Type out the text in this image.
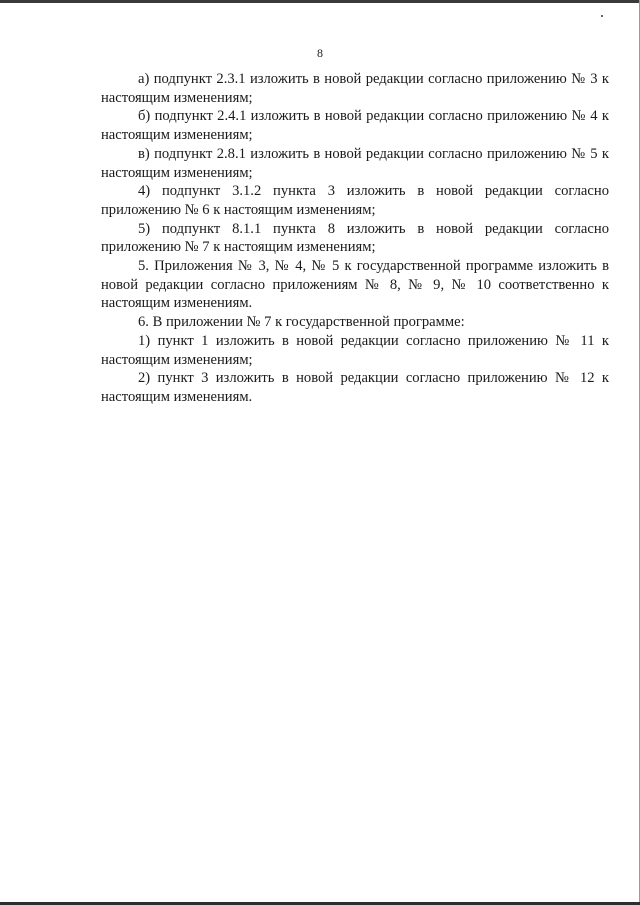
8

а) подпункт 2.3.1 изложить в новой редакции согласно приложению № 3 к настоящим изменениям;

б) подпункт 2.4.1 изложить в новой редакции согласно приложению № 4 к настоящим изменениям;

в) подпункт 2.8.1 изложить в новой редакции согласно приложению № 5 к настоящим изменениям;

4) подпункт 3.1.2 пункта 3 изложить в новой редакции согласно приложению № 6 к настоящим изменениям;

5) подпункт 8.1.1 пункта 8 изложить в новой редакции согласно приложению № 7 к настоящим изменениям;

5. Приложения № 3, № 4, № 5 к государственной программе изложить в новой редакции согласно приложениям № 8, № 9, № 10 соответственно к настоящим изменениям.

6. В приложении № 7 к государственной программе:

1) пункт 1 изложить в новой редакции согласно приложению № 11 к настоящим изменениям;

2) пункт 3 изложить в новой редакции согласно приложению № 12 к настоящим изменениям.
